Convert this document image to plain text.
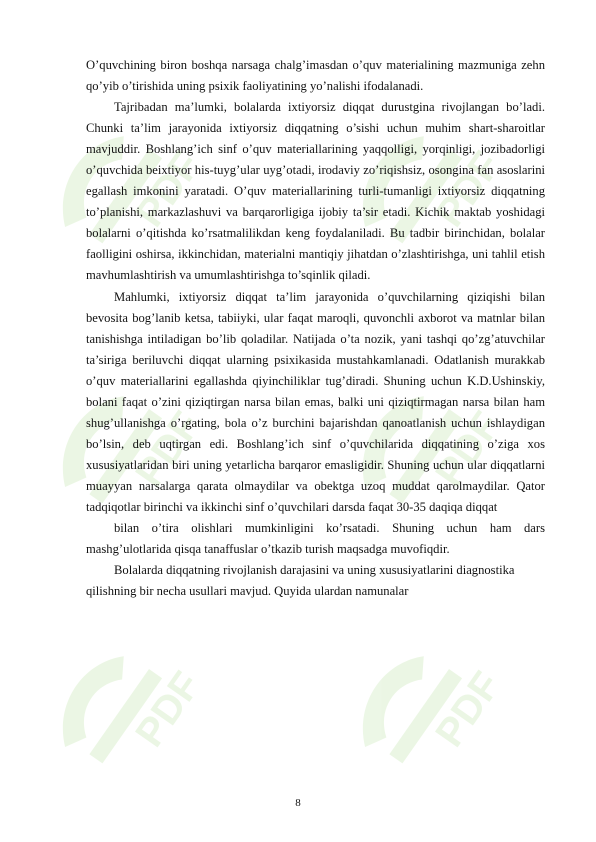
PDF	PDF
PDF	PDF
PDF	PDF

O’quvchining biron boshqa narsaga chalg’imasdan o’quv materialining mazmuniga zehn qo’yib o’tirishida uning psixik faoliyatining yo’nalishi ifodalanadi.

Tajribadan ma’lumki, bolalarda ixtiyorsiz diqqat durustgina rivojlangan bo’ladi. Chunki ta’lim jarayonida ixtiyorsiz diqqatning o’sishi uchun muhim shart-sharoitlar mavjuddir. Boshlang’ich sinf o’quv materiallarining yaqqolligi, yorqinligi, jozibadorligi o’quvchida beixtiyor his-tuyg’ular uyg’otadi, irodaviy zo’riqishsiz, osongina fan asoslarini egallash imkonini yaratadi. O’quv materiallarining turli-tumanligi ixtiyorsiz diqqatning to’planishi, markazlashuvi va barqarorligiga ijobiy ta’sir etadi. Kichik maktab yoshidagi bolalarni o’qitishda ko’rsatmalilikdan keng foydalaniladi. Bu tadbir birinchidan, bolalar faolligini oshirsa, ikkinchidan, materialni mantiqiy jihatdan o’zlashtirishga, uni tahlil etish mavhumlashtirish va umumlashtirishga to’sqinlik qiladi.

Mahlumki, ixtiyorsiz diqqat ta’lim jarayonida o’quvchilarning qiziqishi bilan bevosita bog’lanib ketsa, tabiiyki, ular faqat maroqli, quvonchli axborot va matnlar bilan tanishishga intiladigan bo’lib qoladilar. Natijada o’ta nozik, yani tashqi qo’zg’atuvchilar ta’siriga beriluvchi diqqat ularning psixikasida mustahkamlanadi. Odatlanish murakkab o’quv materiallarini egallashda qiyinchiliklar tug’diradi. Shuning uchun K.D.Ushinskiy, bolani faqat o’zini qiziqtirgan narsa bilan emas, balki uni qiziqtirmagan narsa bilan ham shug’ullanishga o’rgating, bola o’z burchini bajarishdan qanoatlanish uchun ishlaydigan bo’lsin, deb uqtirgan edi. Boshlang’ich sinf o’quvchilarida diqqatining o’ziga xos xususiyatlaridan biri uning yetarlicha barqaror emasligidir. Shuning uchun ular diqqatlarni muayyan narsalarga qarata olmaydilar va obektga uzoq muddat qarolmaydilar. Qator tadqiqotlar birinchi va ikkinchi sinf o’quvchilari darsda faqat 30-35 daqiqa diqqat

bilan o’tira olishlari mumkinligini ko’rsatadi. Shuning uchun ham dars mashg’ulotlarida qisqa tanaffuslar o’tkazib turish maqsadga muvofiqdir.

Bolalarda diqqatning rivojlanish darajasini va uning xususiyatlarini diagnostika qilishning bir necha usullari mavjud. Quyida ulardan namunalar

8
